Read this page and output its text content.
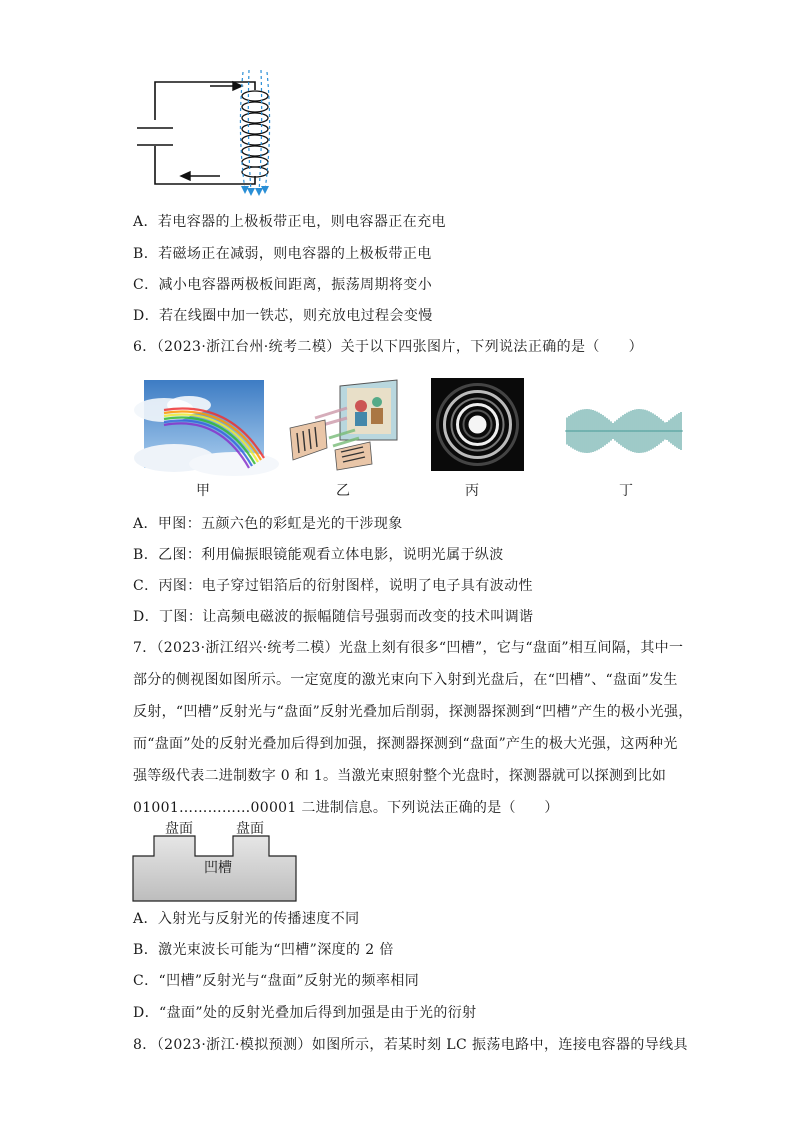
A．若电容器的上极板带正电，则电容器正在充电
B．若磁场正在减弱，则电容器的上极板带正电
C．减小电容器两极板间距离，振荡周期将变小
D．若在线圈中加一铁芯，则充放电过程会变慢
6．（2023·浙江台州·统考二模）关于以下四张图片，下列说法正确的是（　　）
甲	乙	丙	丁
A．甲图：五颜六色的彩虹是光的干涉现象
B．乙图：利用偏振眼镜能观看立体电影，说明光属于纵波
C．丙图：电子穿过铝箔后的衍射图样，说明了电子具有波动性
D．丁图：让高频电磁波的振幅随信号强弱而改变的技术叫调谐
7．（2023·浙江绍兴·统考二模）光盘上刻有很多“凹槽”，它与“盘面”相互间隔，其中一
部分的侧视图如图所示。一定宽度的激光束向下入射到光盘后，在“凹槽”、“盘面”发生
反射，“凹槽”反射光与“盘面”反射光叠加后削弱，探测器探测到“凹槽”产生的极小光强，
而“盘面”处的反射光叠加后得到加强，探测器探测到“盘面”产生的极大光强，这两种光
强等级代表二进制数字 0 和 1。当激光束照射整个光盘时，探测器就可以探测到比如
01001……………00001 二进制信息。下列说法正确的是（　　）
盘面	盘面
凹槽
A．入射光与反射光的传播速度不同
B．激光束波长可能为“凹槽”深度的 2 倍
C．“凹槽”反射光与“盘面”反射光的频率相同
D．“盘面”处的反射光叠加后得到加强是由于光的衍射
8．（2023·浙江·模拟预测）如图所示，若某时刻 LC 振荡电路中，连接电容器的导线具
